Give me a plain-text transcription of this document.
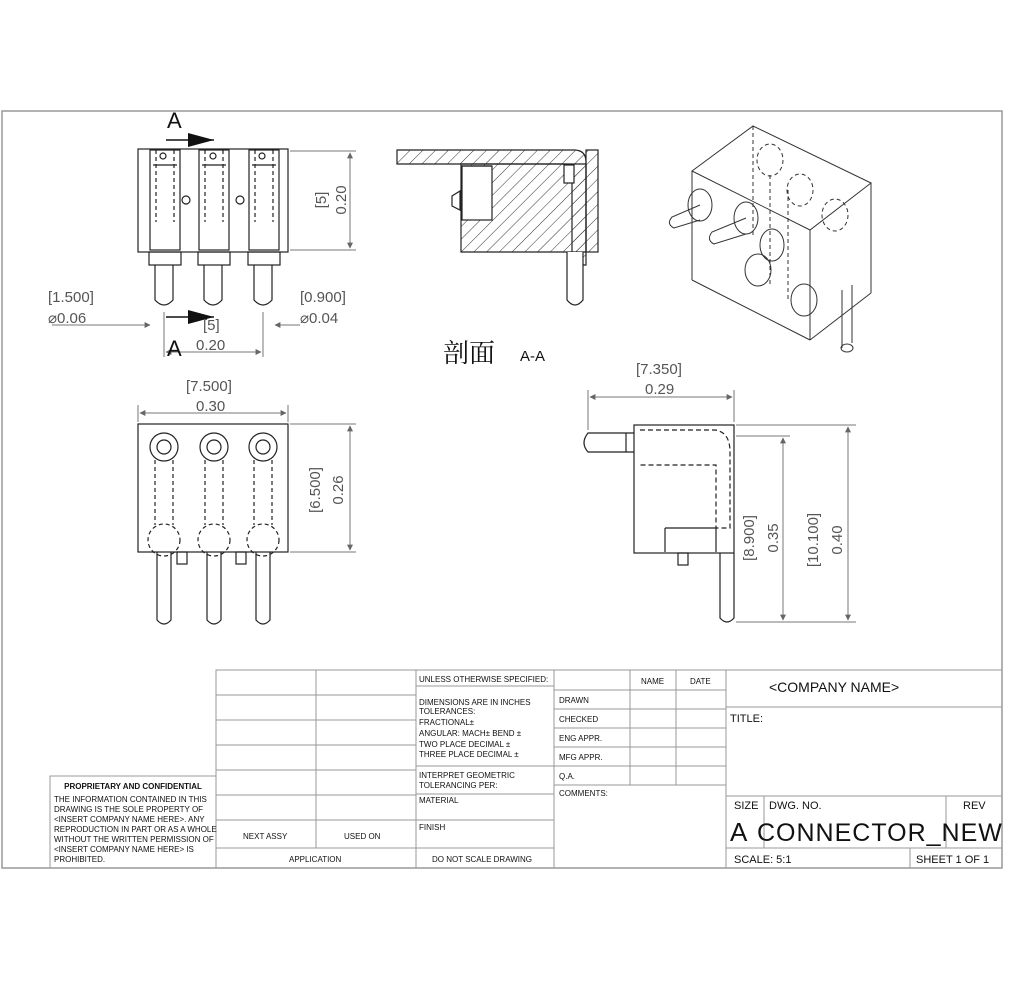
A
A
[5] 0.20
[1.500]
⌀0.06
[0.900]
⌀0.04
[5]
0.20	剖面 A-A
[7.500]
0.30
[6.500] 0.26
[7.350]
0.29
[8.900] 0.35 [10.100] 0.40
UNLESS OTHERWISE SPECIFIED:	NAME	DATE
DIMENSIONS ARE IN INCHES
TOLERANCES:
FRACTIONAL±
ANGULAR: MACH± BEND ±
TWO PLACE DECIMAL ±
THREE PLACE DECIMAL ±
INTERPRET GEOMETRIC
TOLERANCING PER:
MATERIAL
FINISH
DO NOT SCALE DRAWING
DRAWN
CHECKED
ENG APPR.
MFG APPR.
Q.A.
COMMENTS:
NEXT ASSY	USED ON
APPLICATION
<COMPANY NAME>
TITLE:
SIZE DWG. NO.	REV
A CONNECTOR_NEW
SCALE: 5:1	SHEET 1 OF 1
PROPRIETARY AND CONFIDENTIAL
THE INFORMATION CONTAINED IN THIS
DRAWING IS THE SOLE PROPERTY OF
<INSERT COMPANY NAME HERE>. ANY
REPRODUCTION IN PART OR AS A WHOLE
WITHOUT THE WRITTEN PERMISSION OF
<INSERT COMPANY NAME HERE> IS
PROHIBITED.
